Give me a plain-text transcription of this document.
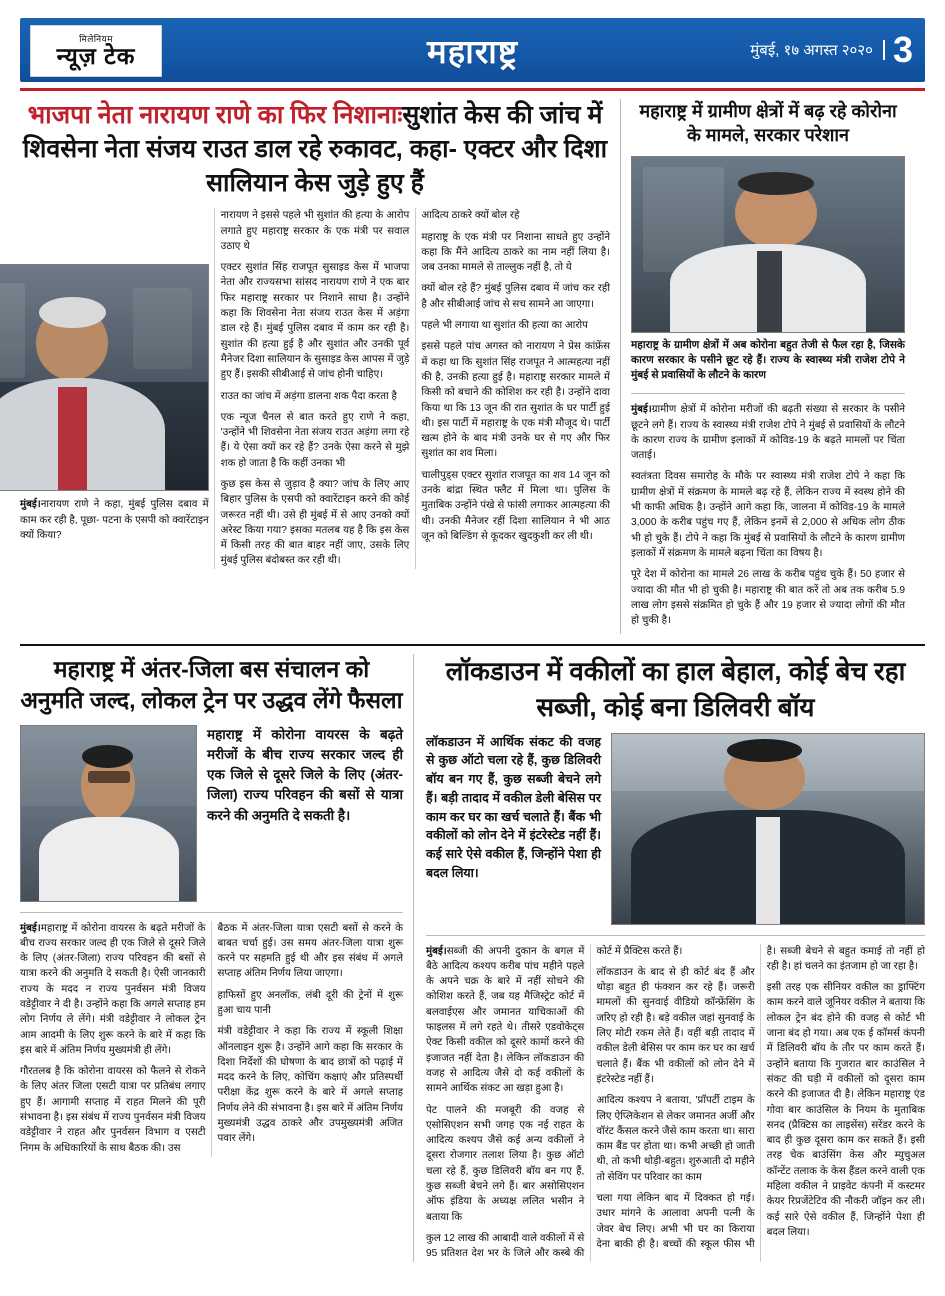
मिलेनियम
न्यूज़ टेक	महाराष्ट्र	मुंबई, १७ अगस्त २०२० 3
भाजपा नेता नारायण राणे का फिर निशानाःसुशांत केस की जांच में शिवसेना नेता संजय राउत डाल रहे रुकावट, कहा- एक्टर और दिशा सालियान केस जुड़े हुए हैं

मुंबई।नारायण राणे ने कहा, मुंबई पुलिस दबाव में काम कर रही है, पूछा- पटना के एसपी को क्वारेंटाइन क्यों किया?
नारायण ने इससे पहले भी सुशांत की हत्या के आरोप लगाते हुए महाराष्ट्र सरकार के एक मंत्री पर सवाल उठाए थे
एक्टर सुशांत सिंह राजपूत सुसाइड केस में भाजपा नेता और राज्यसभा सांसद नारायण राणे ने एक बार फिर महाराष्ट्र सरकार पर निशाने साधा है। उन्होंने कहा कि शिवसेना नेता संजय राउत केस में अड़ंगा डाल रहे हैं। मुंबई पुलिस दबाव में काम कर रही है। सुशांत की हत्या हुई है और सुशांत और उनकी पूर्व मैनेजर दिशा सालियान के सुसाइड केस आपस में जुड़े हुए हैं। इसकी सीबीआई से जांच होनी चाहिए।
राउत का जांच में अड़ंगा डालना शक पैदा करता है
एक न्यूज चैनल से बात करते हुए राणे ने कहा, 'उन्होंने भी शिवसेना नेता संजय राउत अड़ंगा लगा रहे हैं। ये ऐसा क्यों कर रहे हैं? उनके ऐसा करने से मुझे शक हो जाता है कि कहीं उनका भी

कुछ इस केस से जुड़ाव है क्या? जांच के लिए आए बिहार पुलिस के एसपी को क्वारेंटाइन करने की कोई जरूरत नहीं थी। उसे ही मुंबई में से आए उनको क्यों अरेस्ट किया गया? इसका मतलब यह है कि इस केस में किसी तरह की बात बाहर नहीं जाए, उसके लिए मुंबई पुलिस बंदोबस्त कर रही थी।
आदित्य ठाकरे क्यों बोल रहे
महाराष्ट्र के एक मंत्री पर निशाना साधते हुए उन्होंने कहा कि मैंने आदित्य ठाकरे का नाम नहीं लिया है। जब उनका मामले से ताल्लुक नहीं है, तो ये

क्यों बोल रहे हैं? मुंबई पुलिस दबाव में जांच कर रही है और सीबीआई जांच से सच सामने आ जाएगा।
पहले भी लगाया था सुशांत की हत्या का आरोप
इससे पहले पांच अगस्त को नारायण ने प्रेस कांफ्रेंस में कहा था कि सुशांत सिंह राजपूत ने आत्महत्या नहीं की है, उनकी हत्या हुई है। महाराष्ट्र सरकार मामले में किसी को बचाने की कोशिश कर रही है। उन्होंने दावा किया था कि 13 जून की रात सुशांत के घर पार्टी हुई थी। इस पार्टी में महाराष्ट्र के एक मंत्री मौजूद थे। पार्टी खत्म होने के बाद मंत्री उनके घर से गए और फिर सुशांत का शव मिला।
चालीपुड्स एक्टर सुशांत राजपूत का शव 14 जून को उनके बांद्रा स्थित फ्लैट में मिला था। पुलिस के मुताबिक उन्होंने पंखे से फांसी लगाकर आत्महत्या की थी। उनकी मैनेजर रहीं दिशा सालियान ने भी आठ जून को बिल्डिंग से कूदकर खुदकुशी कर ली थी।

महाराष्ट्र में ग्रामीण क्षेत्रों में बढ़ रहे कोरोना के मामले, सरकार परेशान
महाराष्ट्र के ग्रामीण क्षेत्रों में अब कोरोना बहुत तेजी से फैल रहा है, जिसके कारण सरकार के पसीने छूट रहे हैं। राज्य के स्वास्थ्य मंत्री राजेश टोपे ने मुंबई से प्रवासियों के लौटने के कारण

मुंबई।ग्रामीण क्षेत्रों में कोरोना मरीजों की बढ़ती संख्या से सरकार के पसीने छूटने लगे हैं। राज्य के स्वास्थ्य मंत्री राजेश टोपे ने मुंबई से प्रवासियों के लौटने के कारण राज्य के ग्रामीण इलाकों में कोविड-19 के बढ़ते मामलों पर चिंता जताई।
स्वतंत्रता दिवस समारोह के मौके पर स्वास्थ्य मंत्री राजेश टोपे ने कहा कि ग्रामीण क्षेत्रों में संक्रमण के मामले बढ़ रहे हैं, लेकिन राज्य में स्वस्थ होने की भी काफी अधिक है। उन्होंने आगे कहा कि, जालना में कोविड-19 के मामले 3,000 के करीब पहुंच गए हैं, लेकिन इनमें से 2,000 से अधिक लोग ठीक भी हो चुके हैं। टोपे ने कहा कि मुंबई से प्रवासियों के लौटने के कारण ग्रामीण इलाकों में संक्रमण के मामले बढ़ना चिंता का विषय है।
पूरे देश में कोरोना का मामले 26 लाख के करीब पहुंच चुके हैं। 50 हजार से ज्यादा की मौत भी हो चुकी है। महाराष्ट्र की बात करें तो अब तक करीब 5.9 लाख लोग इससे संक्रमित हो चुके हैं और 19 हजार से ज्यादा लोगों की मौत हो चुकी है।

महाराष्ट्र में अंतर-जिला बस संचालन को अनुमति जल्द, लोकल ट्रेन पर उद्धव लेंगे फैसला
महाराष्ट्र में कोरोना वायरस के बढ़ते मरीजों के बीच राज्य सरकार जल्द ही एक जिले से दूसरे जिले के लिए (अंतर-जिला) राज्य परिवहन की बसों से यात्रा करने की अनुमति दे सकती है।

मुंबई।महाराष्ट्र में कोरोना वायरस के बढ़ते मरीजों के बीच राज्य सरकार जल्द ही एक जिले से दूसरे जिले के लिए (अंतर-जिला) राज्य परिवहन की बसों से यात्रा करने की अनुमति दे सकती है। ऐसी जानकारी राज्य के मदद न राज्य पुनर्वसन मंत्री विजय वडेट्टीवार ने दी है। उन्होंने कहा कि अगले सप्ताह हम लोग निर्णय ले लेंगे। मंत्री वडेट्टीवार ने लोकल ट्रेन आम आदमी के लिए शुरू करने के बारे में कहा कि इस बारे में अंतिम निर्णय मुख्यमंत्री ही लेंगे।
गौरतलब है कि कोरोना वायरस को फैलने से रोकने के लिए अंतर जिला एसटी यात्रा पर प्रतिबंध लगाए हुए हैं। आगामी सप्ताह में राहत मिलने की पूरी संभावना है। इस संबंध में राज्य पुनर्वसन मंत्री विजय वडेट्टीवार ने राहत और पुनर्वसन विभाग व एसटी निगम के अधिकारियों के साथ बैठक की। उस

बैठक में अंतर-जिला यात्रा एसटी बसों से करने के बाबत चर्चा हुई। उस समय अंतर-जिला यात्रा शुरू करने पर सहमति हुई थी और इस संबंध में अगले सप्ताह अंतिम निर्णय लिया जाएगा।
हाफिसों हुए अनलॉक, लंबी दूरी की ट्रेनों में शुरू हुआ चाय पानी
मंत्री वडेट्टीवार ने कहा कि राज्य में स्कूली शिक्षा ऑनलाइन शुरू है। उन्होंने आगे कहा कि सरकार के दिशा निर्देशों की घोषणा के बाद छात्रों को पढ़ाई में मदद करने के लिए, कोचिंग कक्षाएं और प्रतिस्पर्धी परीक्षा केंद्र शुरू करने के बारे में अगले सप्ताह निर्णय लेने की संभावना है। इस बारे में अंतिम निर्णय मुख्यमंत्री उद्धव ठाकरे और उपमुख्यमंत्री अजित पवार लेंगे।

लॉकडाउन में वकीलों का हाल बेहाल, कोई बेच रहा सब्जी, कोई बना डिलिवरी बॉय
लॉकडाउन में आर्थिक संकट की वजह से कुछ ऑटो चला रहे हैं, कुछ डिलिवरी बॉय बन गए हैं, कुछ सब्जी बेचने लगे हैं। बड़ी तादाद में वकील डेली बेसिस पर काम कर घर का खर्च चलाते हैं। बैंक भी वकीलों को लोन देने में इंटरेस्टेड नहीं हैं। कई सारे ऐसे वकील हैं, जिन्होंने पेशा ही बदल लिया।

मुंबई।सब्जी की अपनी दुकान के बगल में बैठे आदित्य कश्यप करीब पांच महीने पहले के अपने चक्र के बारे में नहीं सोचने की कोशिश करते हैं, जब यह मैजिस्ट्रेट कोर्ट में बलवाईएस और जमानत याचिकाओं की फाइलस में लगे रहते थे। तीसरे एडवोकेट्स ऐक्ट किसी वकील को दूसरे कामों करने की इजाजत नहीं देता है। लेकिन लॉकडाउन की वजह से आदित्य जैसे दो कई वकीलों के सामने आर्थिक संकट आ खड़ा हुआ है।
पेट पालने की मजबूरी की वजह से एसोसिएशन सभी जगह एक नई राहत के आदित्य कश्यप जैसे कई अन्य वकीलों ने दूसरा रोजगार तलाश लिया है। कुछ ऑटो चला रहे हैं, कुछ डिलिवरी बॉय बन गए हैं, कुछ सब्जी बेचने लगे हैं। बार असोसिएशन ऑफ इंडिया के अध्यक्ष ललित भसीन ने बताया कि

कुल 12 लाख की आबादी वाले वकीलों में से 95 प्रतिशत देश भर के जिले और कस्बे की कोर्ट में प्रैक्टिस करते हैं।
लॉकडाउन के बाद से ही कोर्ट बंद हैं और थोड़ा बहुत ही फंक्शन कर रहे हैं। जरूरी मामलों की सुनवाई वीडियो कॉन्फ्रेंसिंग के जरिए हो रही है। बड़े वकील जहां सुनवाई के लिए मोटी रकम लेते हैं। वहीं बड़ी तादाद में वकील डेली बेसिस पर काम कर घर का खर्च चलाते हैं। बैंक भी वकीलों को लोन देने में इंटरेस्टेड नहीं हैं।
आदित्य कश्यप ने बताया, 'प्रॉपर्टी टाइम के लिए ऐप्लिकेशन से लेकर जमानत अर्जी और वॉरंट कैंसल करने जैसे काम करता था। सारा काम बैंड पर होता था। कभी अच्छी हो जाती थी, तो कभी थोड़ी-बहुत। शुरुआती दो महीने तो सेविंग पर परिवार का काम

चला गया लेकिन बाद में दिक्कत हो गई। उधार मांगने के आलावा अपनी पत्नी के जेवर बेच लिए। अभी भी घर का किराया देना बाकी ही है। बच्चों की स्कूल फीस भी है। सब्जी बेचने से बहुत कमाई तो नहीं हो रही है। हां चलने का इंतजाम हो जा रहा है।
इसी तरह एक सीनियर वकील का ड्राफ्टिंग काम करने वाले जूनियर वकील ने बताया कि लोकल ट्रेन बंद होने की वजह से कोर्ट भी जाना बंद हो गया। अब एक ई कॉमर्स कंपनी में डिलिवरी बॉय के तौर पर काम करते हैं। उन्होंने बताया कि गुजरात बार काउंसिल ने संकट की घड़ी में वकीलों को दूसरा काम करने की इजाजत दी है। लेकिन महाराष्ट्र एंड गोवा बार काउंसिल के नियम के मुताबिक सनद (प्रैक्टिस का लाइसेंस) सरेंडर करने के बाद ही कुछ दूसरा काम कर सकते हैं। इसी तरह चेक बाउंसिंग केस और म्युचुअल कॉन्टेंट तलाक के केस हैंडल करने वाली एक महिला वकील ने प्राइवेट कंपनी में कस्टमर केयर रिप्रजेंटेटिव की नौकरी जॉइन कर ली। कई सारे ऐसे वकील हैं, जिन्होंने पेशा ही बदल लिया।
